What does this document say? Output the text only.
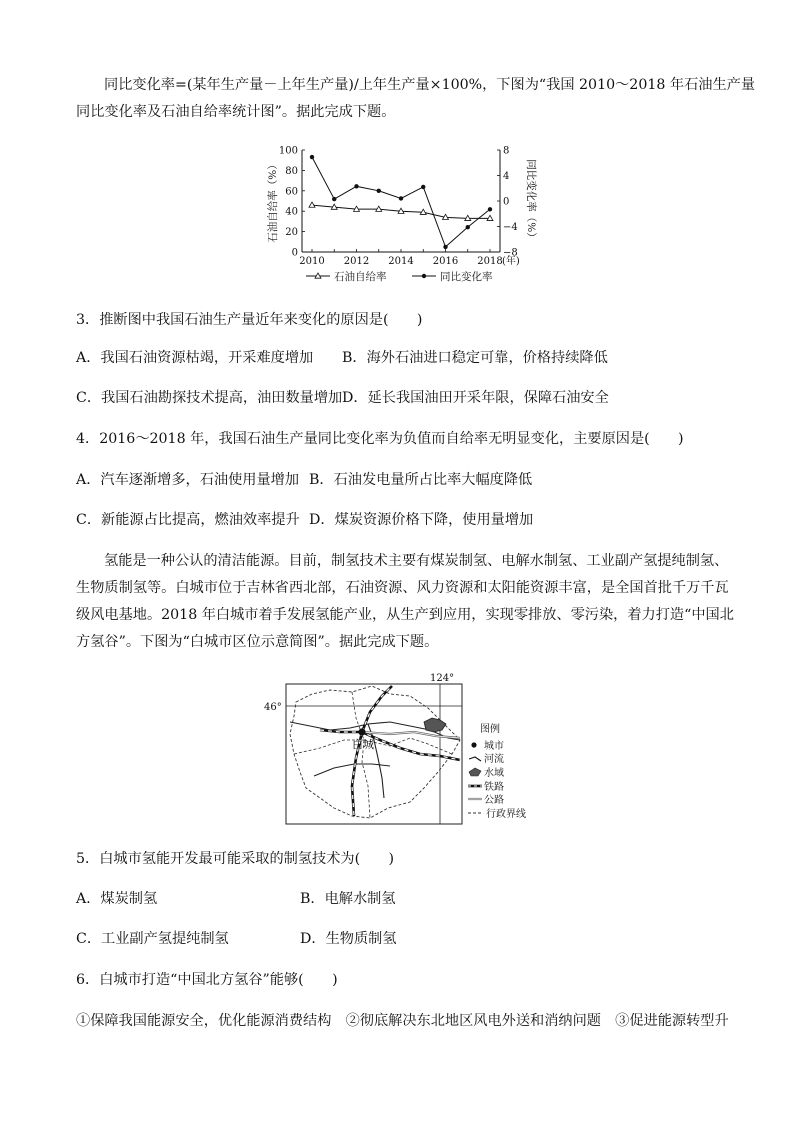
同比变化率=(某年生产量－上年生产量)/上年生产量×100%，下图为“我国 2010～2018 年石油生产量
同比变化率及石油自给率统计图”。据此完成下题。
0
20
40
60
80
100
−8
−4
0
4
8
2010 2012 2014 2016 2018 (年)
石油自给率（%）	同比变化率（%）
石油自给率	同比变化率
3．推断图中我国石油生产量近年来变化的原因是(　　)
A．我国石油资源枯竭，开采难度增加 B．海外石油进口稳定可靠，价格持续降低
C．我国石油勘探技术提高，油田数量增加 D．延长我国油田开采年限，保障石油安全
4．2016～2018 年，我国石油生产量同比变化率为负值而自给率无明显变化，主要原因是(　　)
A．汽车逐渐增多，石油使用量增加 B．石油发电量所占比率大幅度降低
C．新能源占比提高，燃油效率提升 D．煤炭资源价格下降，使用量增加
氢能是一种公认的清洁能源。目前，制氢技术主要有煤炭制氢、电解水制氢、工业副产氢提纯制氢、
生物质制氢等。白城市位于吉林省西北部，石油资源、风力资源和太阳能资源丰富，是全国首批千万千瓦
级风电基地。2018 年白城市着手发展氢能产业，从生产到应用，实现零排放、零污染，着力打造“中国北
方氢谷”。下图为“白城市区位示意简图”。据此完成下题。
124°
46°
白城
图例
城市
河流
水域
铁路
公路
行政界线
5．白城市氢能开发最可能采取的制氢技术为(　　)
A．煤炭制氢	B．电解水制氢
C．工业副产氢提纯制氢	D．生物质制氢
6．白城市打造“中国北方氢谷”能够(　　)
①保障我国能源安全，优化能源消费结构　②彻底解决东北地区风电外送和消纳问题　③促进能源转型升
